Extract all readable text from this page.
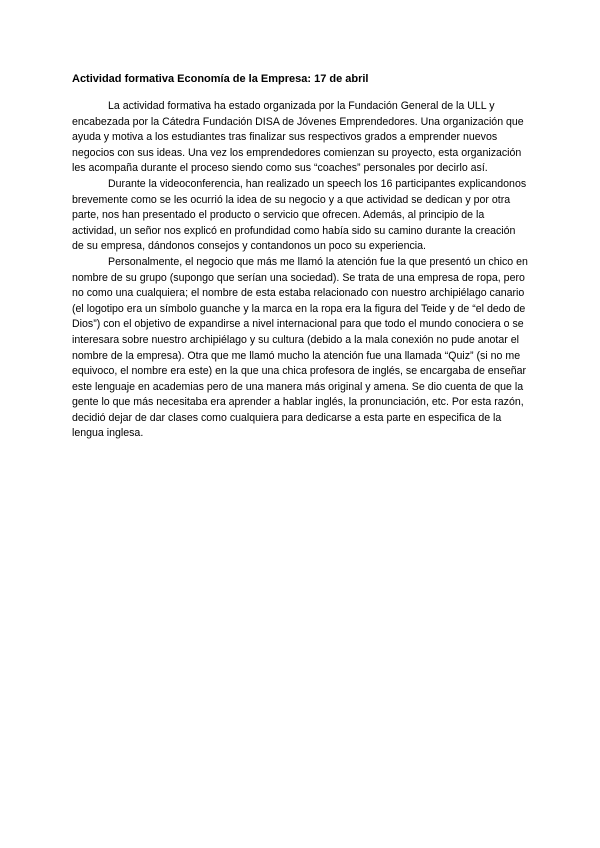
Actividad formativa Economía de la Empresa: 17 de abril

La actividad formativa ha estado organizada por la Fundación General de la ULL y encabezada por la Cátedra Fundación DISA de Jóvenes Emprendedores. Una organización que ayuda y motiva a los estudiantes tras finalizar sus respectivos grados a emprender nuevos negocios con sus ideas. Una vez los emprendedores comienzan su proyecto, esta organización les acompaña durante el proceso siendo como sus “coaches” personales por decirlo así.

Durante la videoconferencia, han realizado un speech los 16 participantes explicandonos brevemente como se les ocurrió la idea de su negocio y a que actividad se dedican y por otra parte, nos han presentado el producto o servicio que ofrecen. Además, al principio de la actividad, un señor nos explicó en profundidad como había sido su camino durante la creación de su empresa, dándonos consejos y contandonos un poco su experiencia.

Personalmente, el negocio que más me llamó la atención fue la que presentó un chico en nombre de su grupo (supongo que serían una sociedad). Se trata de una empresa de ropa, pero no como una cualquiera; el nombre de esta estaba relacionado con nuestro archipiélago canario (el logotipo era un símbolo guanche y la marca en la ropa era la figura del Teide y de “el dedo de Dios”) con el objetivo de expandirse a nivel internacional para que todo el mundo conociera o se interesara sobre nuestro archipiélago y su cultura (debido a la mala conexión no pude anotar el nombre de la empresa). Otra que me llamó mucho la atención fue una llamada “Quiz” (si no me equivoco, el nombre era este) en la que una chica profesora de inglés, se encargaba de enseñar este lenguaje en academias pero de una manera más original y amena. Se dio cuenta de que la gente lo que más necesitaba era aprender a hablar inglés, la pronunciación, etc. Por esta razón, decidió dejar de dar clases como cualquiera para dedicarse a esta parte en especifica de la lengua inglesa.
